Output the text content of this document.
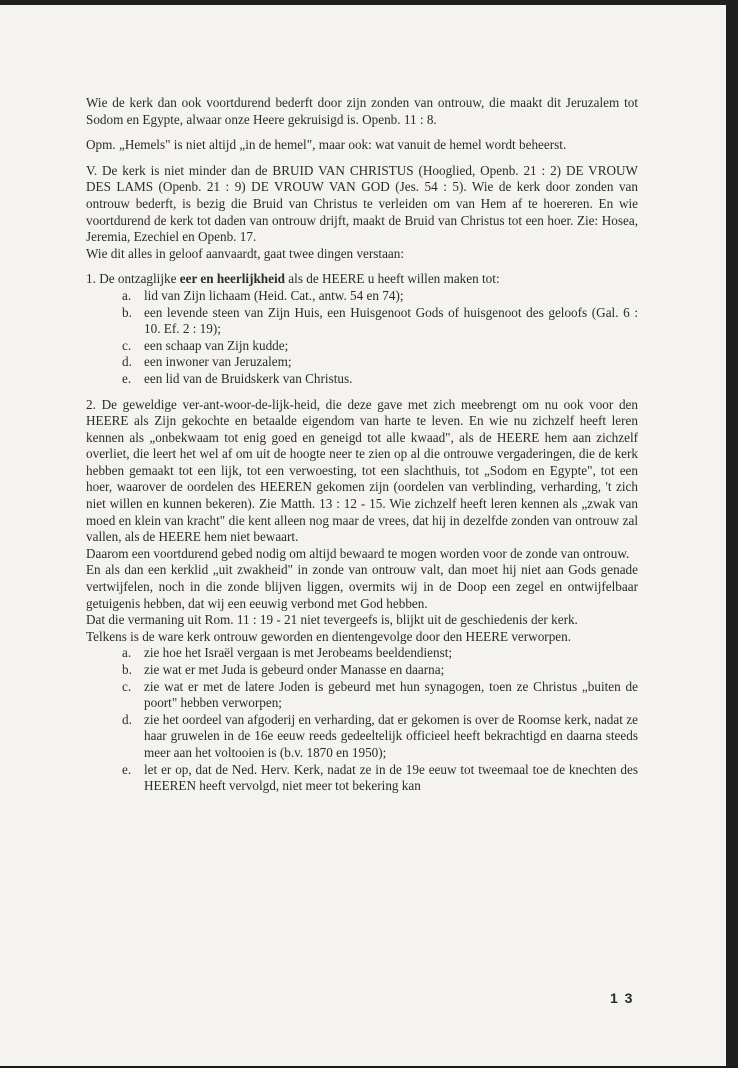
Wie de kerk dan ook voortdurend bederft door zijn zonden van ontrouw, die maakt dit Jeruzalem tot Sodom en Egypte, alwaar onze Heere gekruisigd is. Openb. 11 : 8.

Opm. „Hemels" is niet altijd „in de hemel", maar ook: wat vanuit de hemel wordt beheerst.

V. De kerk is niet minder dan de BRUID VAN CHRISTUS (Hooglied, Openb. 21 : 2) DE VROUW DES LAMS (Openb. 21 : 9) DE VROUW VAN GOD (Jes. 54 : 5). Wie de kerk door zonden van ontrouw bederft, is bezig die Bruid van Christus te verleiden om van Hem af te hoereren. En wie voortdurend de kerk tot daden van ontrouw drijft, maakt de Bruid van Christus tot een hoer. Zie: Hosea, Jeremia, Ezechiel en Openb. 17.

Wie dit alles in geloof aanvaardt, gaat twee dingen verstaan:

1. De ontzaglijke eer en heerlijkheid als de HEERE u heeft willen maken tot:

a. lid van Zijn lichaam (Heid. Cat., antw. 54 en 74);
b. een levende steen van Zijn Huis, een Huisgenoot Gods of huisgenoot des geloofs (Gal. 6 : 10. Ef. 2 : 19);
c. een schaap van Zijn kudde;
d. een inwoner van Jeruzalem;
e. een lid van de Bruidskerk van Christus.

2. De geweldige ver-ant-woor-de-lijk-heid, die deze gave met zich meebrengt om nu ook voor den HEERE als Zijn gekochte en betaalde eigendom van harte te leven. En wie nu zichzelf heeft leren kennen als „onbekwaam tot enig goed en geneigd tot alle kwaad", als de HEERE hem aan zichzelf overliet, die leert het wel af om uit de hoogte neer te zien op al die ontrouwe vergaderingen, die de kerk hebben gemaakt tot een lijk, tot een verwoesting, tot een slachthuis, tot „Sodom en Egypte", tot een hoer, waarover de oordelen des HEEREN gekomen zijn (oordelen van verblinding, verharding, 't zich niet willen en kunnen bekeren). Zie Matth. 13 : 12 - 15. Wie zichzelf heeft leren kennen als „zwak van moed en klein van kracht" die kent alleen nog maar de vrees, dat hij in dezelfde zonden van ontrouw zal vallen, als de HEERE hem niet bewaart.

Daarom een voortdurend gebed nodig om altijd bewaard te mogen worden voor de zonde van ontrouw.

En als dan een kerklid „uit zwakheid" in zonde van ontrouw valt, dan moet hij niet aan Gods genade vertwijfelen, noch in die zonde blijven liggen, overmits wij in de Doop een zegel en ontwijfelbaar getuigenis hebben, dat wij een eeuwig verbond met God hebben.

Dat die vermaning uit Rom. 11 : 19 - 21 niet tevergeefs is, blijkt uit de geschiedenis der kerk.

Telkens is de ware kerk ontrouw geworden en dientengevolge door den HEERE verworpen.

a. zie hoe het Israël vergaan is met Jerobeams beeldendienst;
b. zie wat er met Juda is gebeurd onder Manasse en daarna;
c. zie wat er met de latere Joden is gebeurd met hun synagogen, toen ze Christus „buiten de poort" hebben verworpen;
d. zie het oordeel van afgoderij en verharding, dat er gekomen is over de Roomse kerk, nadat ze haar gruwelen in de 16e eeuw reeds gedeeltelijk officieel heeft bekrachtigd en daarna steeds meer aan het voltooien is (b.v. 1870 en 1950);
e. let er op, dat de Ned. Herv. Kerk, nadat ze in de 19e eeuw tot tweemaal toe de knechten des HEEREN heeft vervolgd, niet meer tot bekering kan
1 3
